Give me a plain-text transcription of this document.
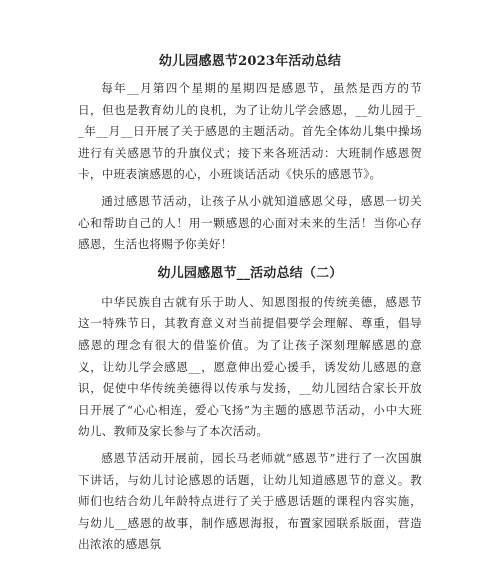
幼儿园感恩节2023年活动总结

每年__月第四个星期的星期四是感恩节，虽然是西方的节日，但也是教育幼儿的良机，为了让幼儿学会感恩，__幼儿园于__年__月__日开展了关于感恩的主题活动。首先全体幼儿集中操场进行有关感恩节的升旗仪式；接下来各班活动：大班制作感恩贺卡，中班表演感恩的心，小班谈话活动《快乐的感恩节》。

通过感恩节活动，让孩子从小就知道感恩父母，感恩一切关心和帮助自己的人！用一颗感恩的心面对未来的生活！当你心存感恩，生活也将赐予你美好！

幼儿园感恩节__活动总结（二）

中华民族自古就有乐于助人、知恩图报的传统美德，感恩节这一特殊节日，其教育意义对当前提倡要学会理解、尊重，倡导感恩的理念有很大的借鉴价值。为了让孩子深刻理解感恩的意义，让幼儿学会感恩__，愿意伸出爱心援手，诱发幼儿感恩的意识，促使中华传统美德得以传承与发扬，__幼儿园结合家长开放日开展了“心心相连，爱心飞扬”为主题的感恩节活动，小中大班幼儿、教师及家长参与了本次活动。

感恩节活动开展前，园长马老师就“感恩节”进行了一次国旗下讲话，与幼儿讨论感恩的话题，让幼儿知道感恩节的意义。教师们也结合幼儿年龄特点进行了关于感恩话题的课程内容实施，与幼儿__感恩的故事，制作感恩海报，布置家园联系版面，营造出浓浓的感恩氛
